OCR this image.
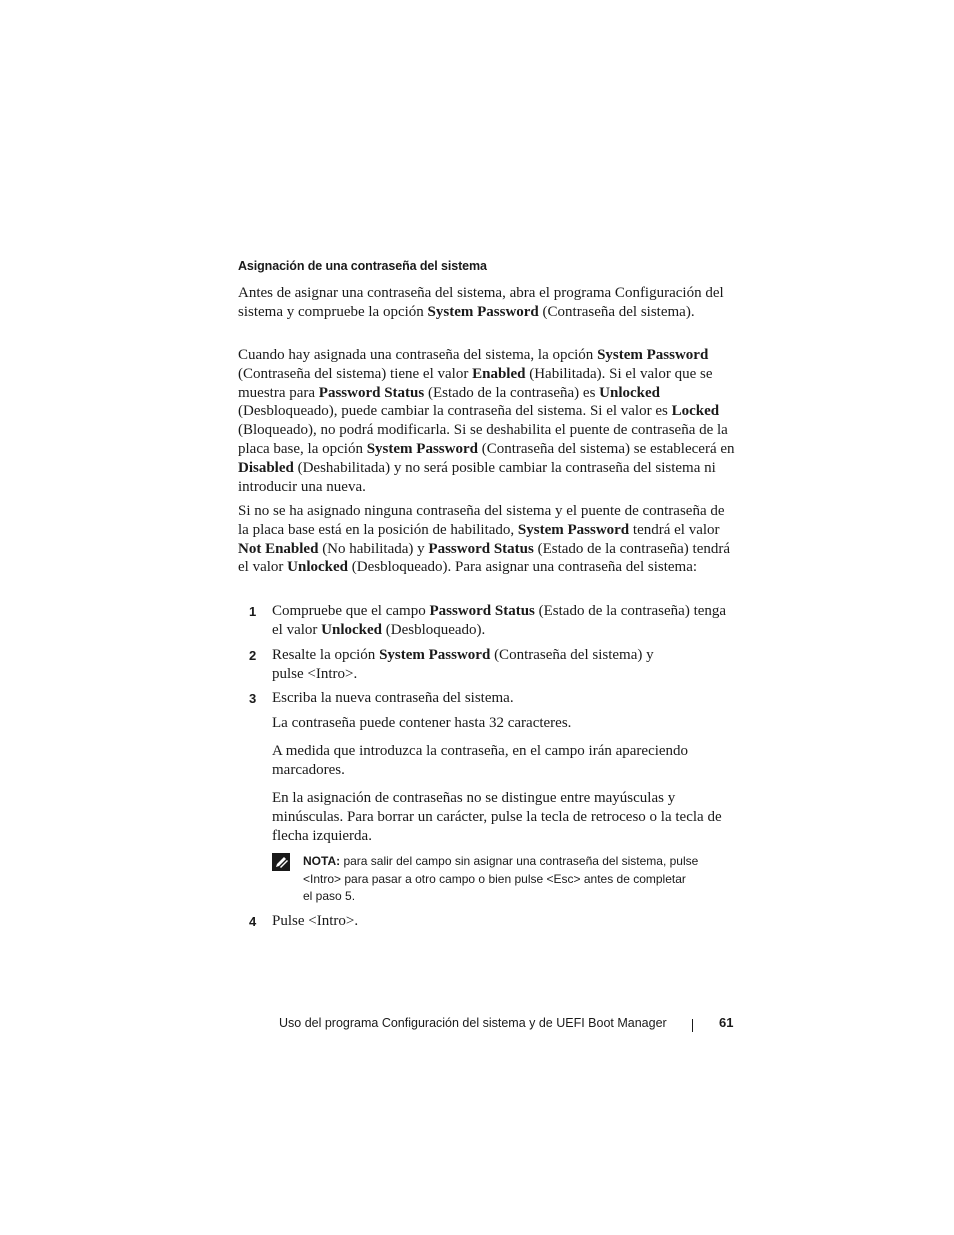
Asignación de una contraseña del sistema
Antes de asignar una contraseña del sistema, abra el programa Configuración del sistema y compruebe la opción System Password (Contraseña del sistema).
Cuando hay asignada una contraseña del sistema, la opción System Password (Contraseña del sistema) tiene el valor Enabled (Habilitada). Si el valor que se muestra para Password Status (Estado de la contraseña) es Unlocked (Desbloqueado), puede cambiar la contraseña del sistema. Si el valor es Locked (Bloqueado), no podrá modificarla. Si se deshabilita el puente de contraseña de la placa base, la opción System Password (Contraseña del sistema) se establecerá en Disabled (Deshabilitada) y no será posible cambiar la contraseña del sistema ni introducir una nueva.
Si no se ha asignado ninguna contraseña del sistema y el puente de contraseña de la placa base está en la posición de habilitado, System Password tendrá el valor Not Enabled (No habilitada) y Password Status (Estado de la contraseña) tendrá el valor Unlocked (Desbloqueado). Para asignar una contraseña del sistema:
1 Compruebe que el campo Password Status (Estado de la contraseña) tenga el valor Unlocked (Desbloqueado).
2 Resalte la opción System Password (Contraseña del sistema) y
pulse <Intro>.
3 Escriba la nueva contraseña del sistema.
La contraseña puede contener hasta 32 caracteres.
A medida que introduzca la contraseña, en el campo irán apareciendo marcadores.
En la asignación de contraseñas no se distingue entre mayúsculas y minúsculas. Para borrar un carácter, pulse la tecla de retroceso o la tecla de flecha izquierda.
NOTA: para salir del campo sin asignar una contraseña del sistema, pulse
<Intro> para pasar a otro campo o bien pulse <Esc> antes de completar
el paso 5.
4 Pulse <Intro>.
Uso del programa Configuración del sistema y de UEFI Boot Manager	61
